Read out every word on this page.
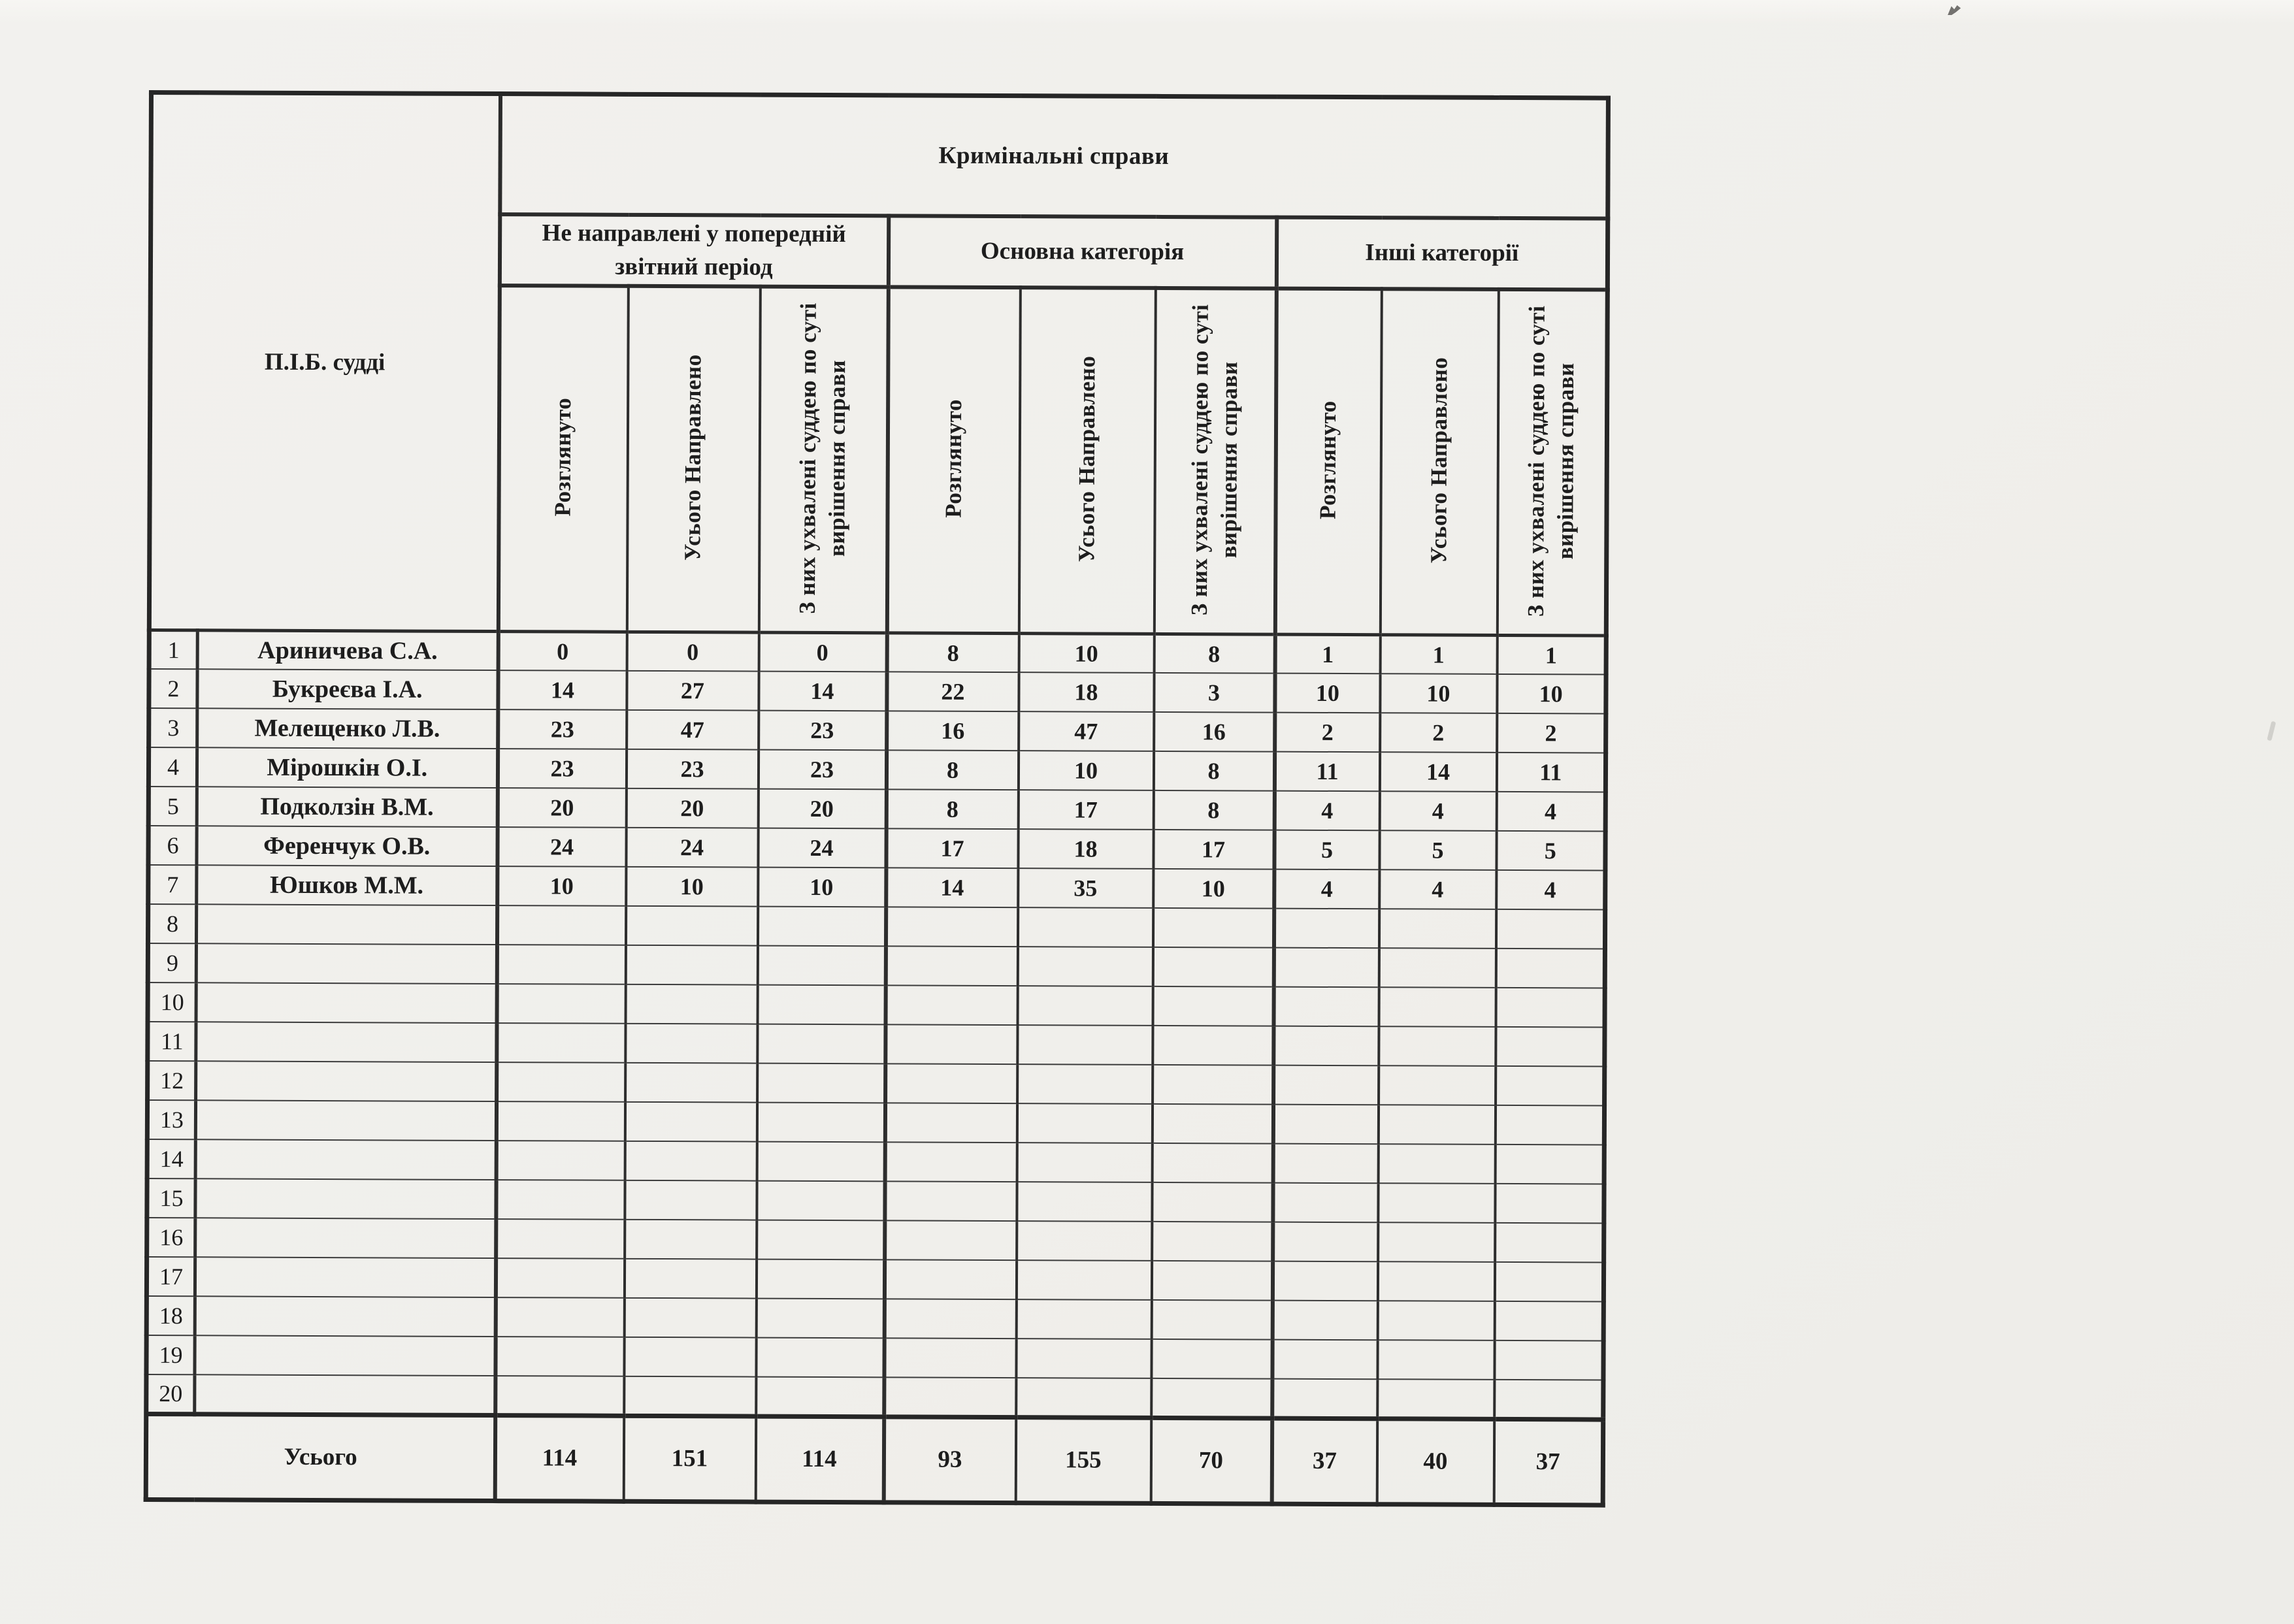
П.І.Б. судді		Кримінальні справи								
		Не направлені у попередній звітний період			Основна категорія			Інші категорії		
		Розглянуто	Усього Направлено	З них ухвалені суддею по суті вирішення справи	Розглянуто	Усього Направлено	З них ухвалені суддею по суті вирішення справи	Розглянуто	Усього Направлено	З них ухвалені суддею по суті вирішення справи
1	Ариничева С.А.	0	0	0	8	10	8	1	1	1
2	Букреєва І.А.	14	27	14	22	18	3	10	10	10
3	Мелещенко Л.В.	23	47	23	16	47	16	2	2	2
4	Мірошкін О.І.	23	23	23	8	10	8	11	14	11
5	Подколзін В.М.	20	20	20	8	17	8	4	4	4
6	Ференчук О.В.	24	24	24	17	18	17	5	5	5
7	Юшков М.М.	10	10	10	14	35	10	4	4	4
8										
9										
10										
11										
12										
13										
14										
15										
16										
17										
18										
19										
20										
Усього		114	151	114	93	155	70	37	40	37
